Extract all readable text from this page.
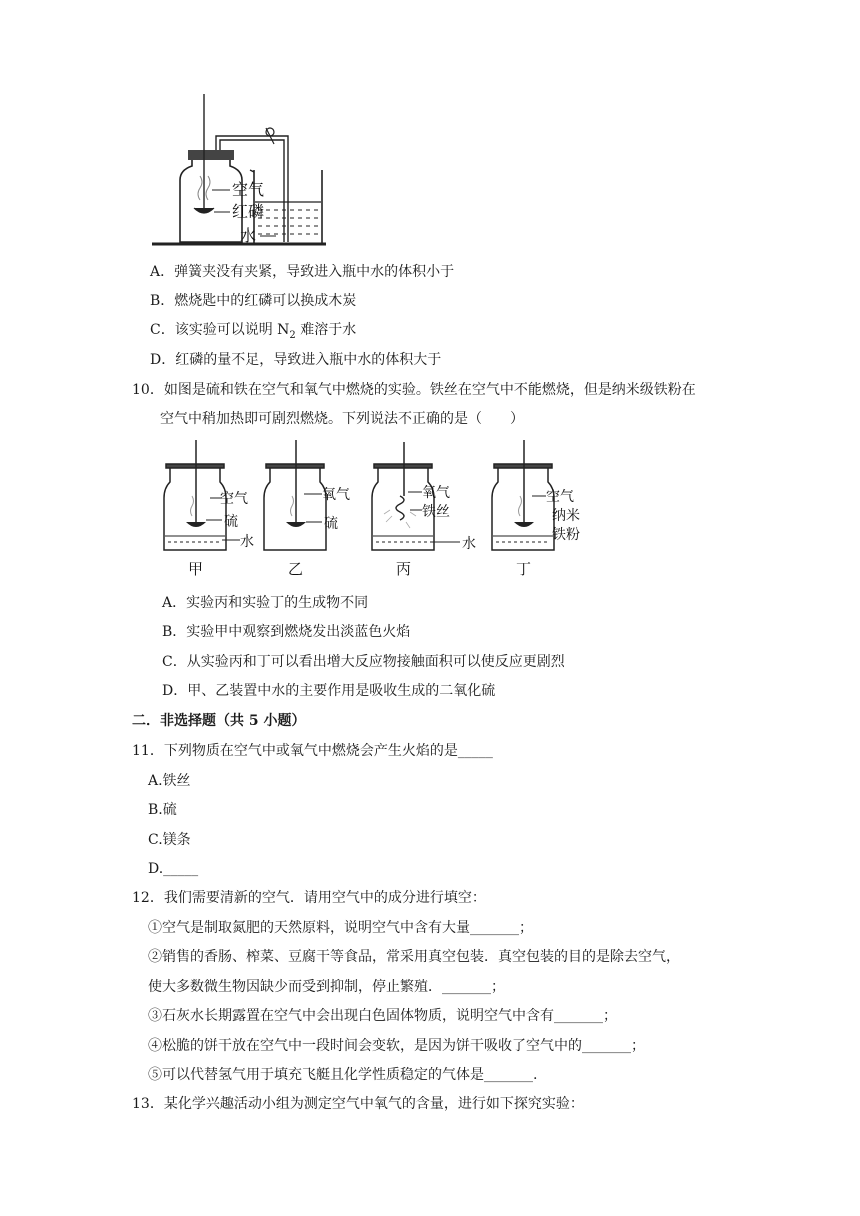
空气
红磷
水
A．弹簧夹没有夹紧，导致进入瓶中水的体积小于
B．燃烧匙中的红磷可以换成木炭
C．该实验可以说明 $N_2$ 难溶于水
D．红磷的量不足，导致进入瓶中水的体积大于
10．如图是硫和铁在空气和氧气中燃烧的实验。铁丝在空气中不能燃烧，但是纳米级铁粉在
空气中稍加热即可剧烈燃烧。下列说法不正确的是（　　）
空气
硫
水
氧气
硫
氧气
铁丝
水
空气
纳米
铁粉
甲	乙	丙	丁
A．实验丙和实验丁的生成物不同
B．实验甲中观察到燃烧发出淡蓝色火焰
C．从实验丙和丁可以看出增大反应物接触面积可以使反应更剧烈
D．甲、乙装置中水的主要作用是吸收生成的二氧化硫
二．非选择题（共 5 小题）
11．下列物质在空气中或氧气中燃烧会产生火焰的是_____
A.铁丝
B.硫
C.镁条
D._____
12．我们需要清新的空气．请用空气中的成分进行填空：
①空气是制取氮肥的天然原料，说明空气中含有大量_______；
②销售的香肠、榨菜、豆腐干等食品，常采用真空包装．真空包装的目的是除去空气，
使大多数微生物因缺少而受到抑制，停止繁殖．_______；
③石灰水长期露置在空气中会出现白色固体物质，说明空气中含有_______；
④松脆的饼干放在空气中一段时间会变软，是因为饼干吸收了空气中的_______；
⑤可以代替氢气用于填充飞艇且化学性质稳定的气体是_______.
13．某化学兴趣活动小组为测定空气中氧气的含量，进行如下探究实验：
